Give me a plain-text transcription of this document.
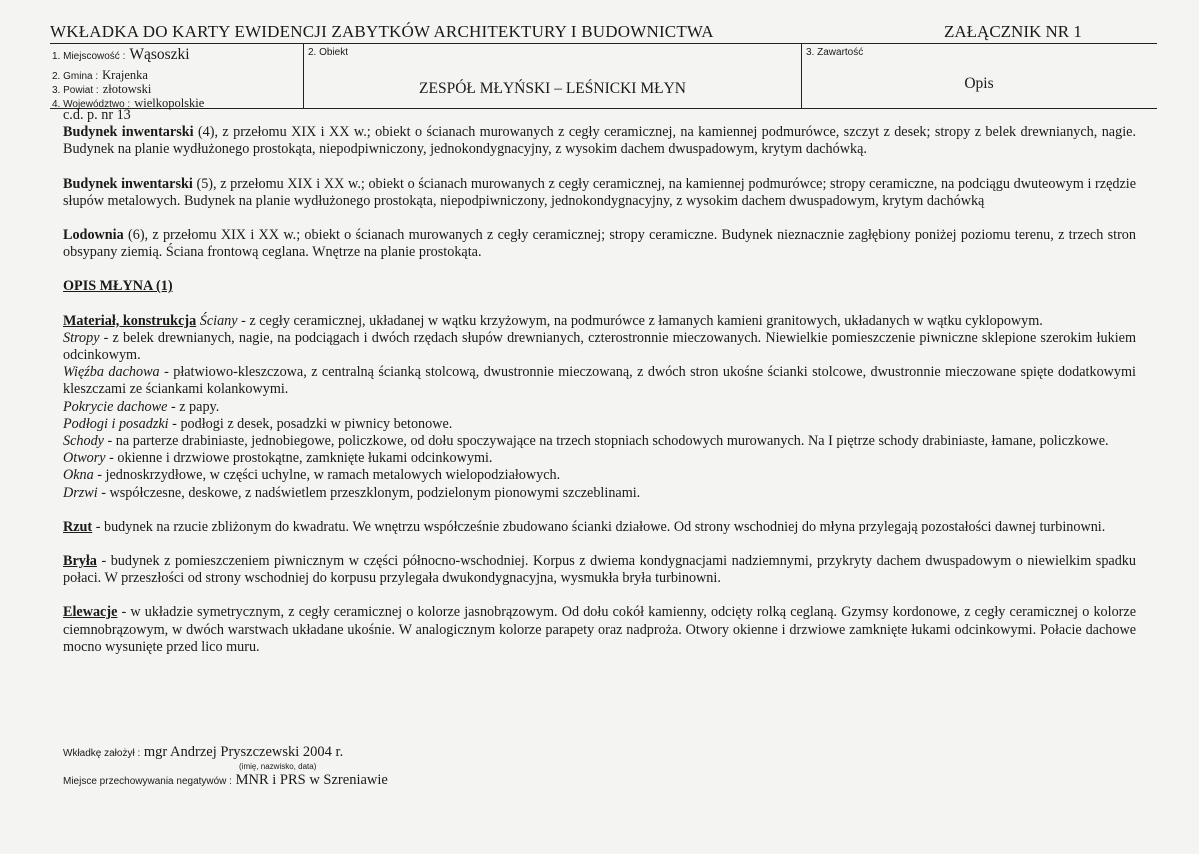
WKŁADKA DO KARTY EWIDENCJI ZABYTKÓW ARCHITEKTURY I BUDOWNICTWA	ZAŁĄCZNIK NR 1
1. Miejscowość : Wąsoszki
2. Gmina : Krajenka
3. Powiat : złotowski
4. Województwo : wielkopolskie
2. Obiekt
ZESPÓŁ MŁYŃSKI – LEŚNICKI MŁYN
3. Zawartość
Opis

c.d. p. nr 13

Budynek inwentarski (4), z przełomu XIX i XX w.; obiekt o ścianach murowanych z cegły ceramicznej, na kamiennej podmurówce, szczyt z desek; stropy z belek drewnianych, nagie. Budynek na planie wydłużonego prostokąta, niepodpiwniczony, jednokondygnacyjny, z wysokim dachem dwuspadowym, krytym dachówką.

Budynek inwentarski (5), z przełomu XIX i XX w.; obiekt o ścianach murowanych z cegły ceramicznej, na kamiennej podmurówce; stropy ceramiczne, na podciągu dwuteowym i rzędzie słupów metalowych. Budynek na planie wydłużonego prostokąta, niepodpiwniczony, jednokondygnacyjny, z wysokim dachem dwuspadowym, krytym dachówką

Lodownia (6), z przełomu XIX i XX w.; obiekt o ścianach murowanych z cegły ceramicznej; stropy ceramiczne. Budynek nieznacznie zagłębiony poniżej poziomu terenu, z trzech stron obsypany ziemią. Ściana frontową ceglana. Wnętrze na planie prostokąta.

OPIS MŁYNA (1)

Materiał, konstrukcja Ściany - z cegły ceramicznej, układanej w wątku krzyżowym, na podmurówce z łamanych kamieni granitowych, układanych w wątku cyklopowym.

Stropy - z belek drewnianych, nagie, na podciągach i dwóch rzędach słupów drewnianych, czterostronnie mieczowanych. Niewielkie pomieszczenie piwniczne sklepione szerokim łukiem odcinkowym.

Więźba dachowa - płatwiowo-kleszczowa, z centralną ścianką stolcową, dwustronnie mieczowaną, z dwóch stron ukośne ścianki stolcowe, dwustronnie mieczowane spięte dodatkowymi kleszczami ze ściankami kolankowymi.

Pokrycie dachowe - z papy.

Podłogi i posadzki - podłogi z desek, posadzki w piwnicy betonowe.

Schody - na parterze drabiniaste, jednobiegowe, policzkowe, od dołu spoczywające na trzech stopniach schodowych murowanych. Na I piętrze schody drabiniaste, łamane, policzkowe.

Otwory - okienne i drzwiowe prostokątne, zamknięte łukami odcinkowymi.

Okna - jednoskrzydłowe, w części uchylne, w ramach metalowych wielopodziałowych.

Drzwi - współczesne, deskowe, z nadświetlem przeszklonym, podzielonym pionowymi szczeblinami.

Rzut - budynek na rzucie zbliżonym do kwadratu. We wnętrzu współcześnie zbudowano ścianki działowe. Od strony wschodniej do młyna przylegają pozostałości dawnej turbinowni.

Bryła - budynek z pomieszczeniem piwnicznym w części północno-wschodniej. Korpus z dwiema kondygnacjami nadziemnymi, przykryty dachem dwuspadowym o niewielkim spadku połaci. W przeszłości od strony wschodniej do korpusu przylegała dwukondygnacyjna, wysmukła bryła turbinowni.

Elewacje - w układzie symetrycznym, z cegły ceramicznej o kolorze jasnobrązowym. Od dołu cokół kamienny, odcięty rolką ceglaną. Gzymsy kordonowe, z cegły ceramicznej o kolorze ciemnobrązowym, w dwóch warstwach układane ukośnie. W analogicznym kolorze parapety oraz nadproża. Otwory okienne i drzwiowe zamknięte łukami odcinkowymi. Połacie dachowe mocno wysunięte przed lico muru.

Wkładkę założył : mgr Andrzej Pryszczewski 2004 r.
(imię, nazwisko, data)
Miejsce przechowywania negatywów : MNR i PRS w Szreniawie
